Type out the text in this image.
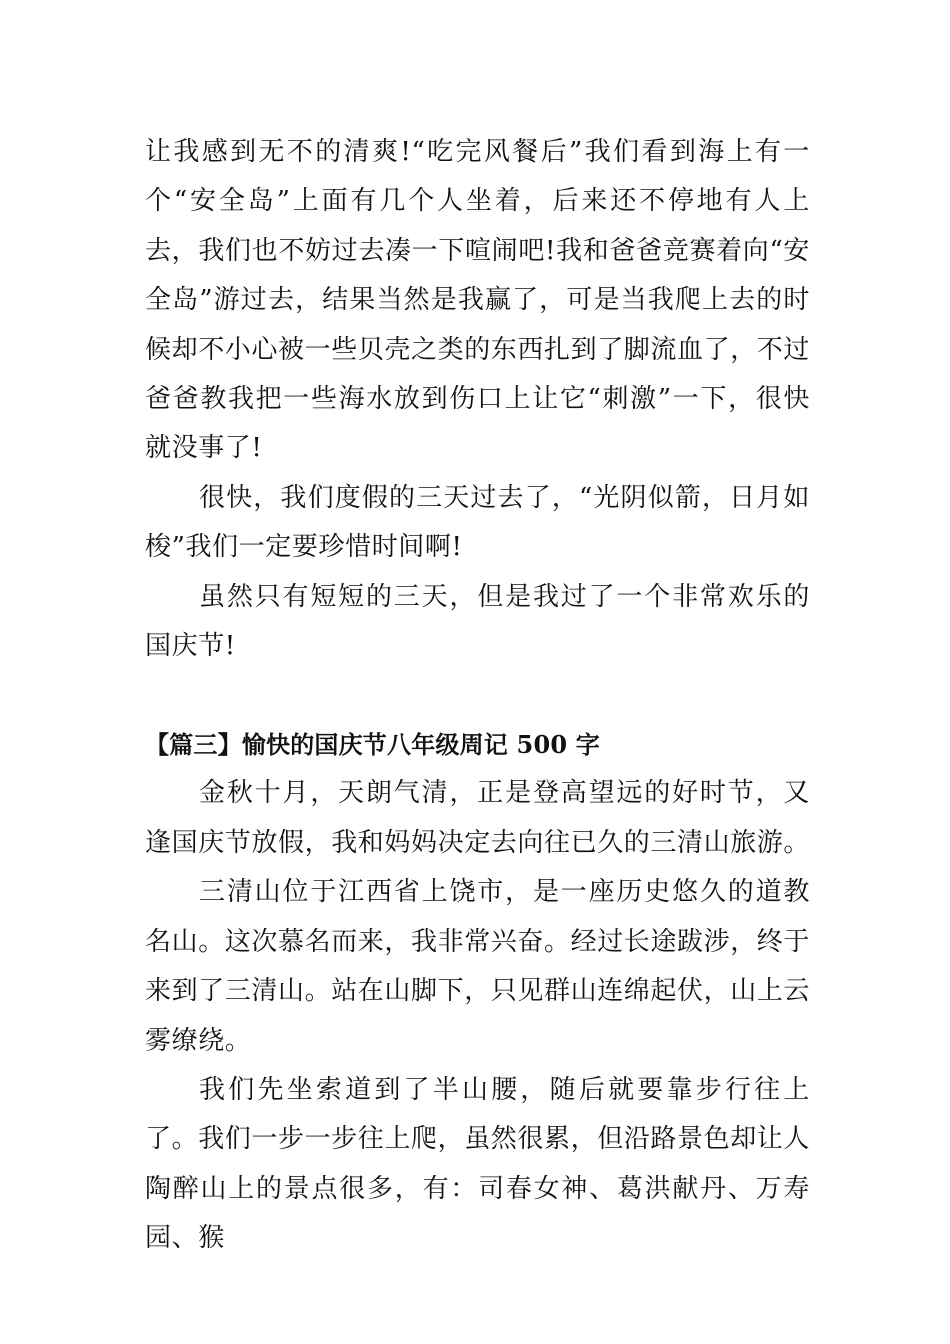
让我感到无不的清爽!“吃完风餐后”我们看到海上有一个“安全岛”上面有几个人坐着，后来还不停地有人上去，我们也不妨过去凑一下喧闹吧!我和爸爸竞赛着向“安全岛”游过去，结果当然是我赢了，可是当我爬上去的时候却不小心被一些贝壳之类的东西扎到了脚流血了，不过爸爸教我把一些海水放到伤口上让它“刺激”一下，很快就没事了!

很快，我们度假的三天过去了，“光阴似箭，日月如梭”我们一定要珍惜时间啊!

虽然只有短短的三天，但是我过了一个非常欢乐的国庆节!

【篇三】愉快的国庆节八年级周记 500 字

金秋十月，天朗气清，正是登高望远的好时节，又逢国庆节放假，我和妈妈决定去向往已久的三清山旅游。

三清山位于江西省上饶市，是一座历史悠久的道教名山。这次慕名而来，我非常兴奋。经过长途跋涉，终于来到了三清山。站在山脚下，只见群山连绵起伏，山上云雾缭绕。

我们先坐索道到了半山腰，随后就要靠步行往上了。我们一步一步往上爬，虽然很累，但沿路景色却让人陶醉山上的景点很多，有：司春女神、葛洪献丹、万寿园、猴
